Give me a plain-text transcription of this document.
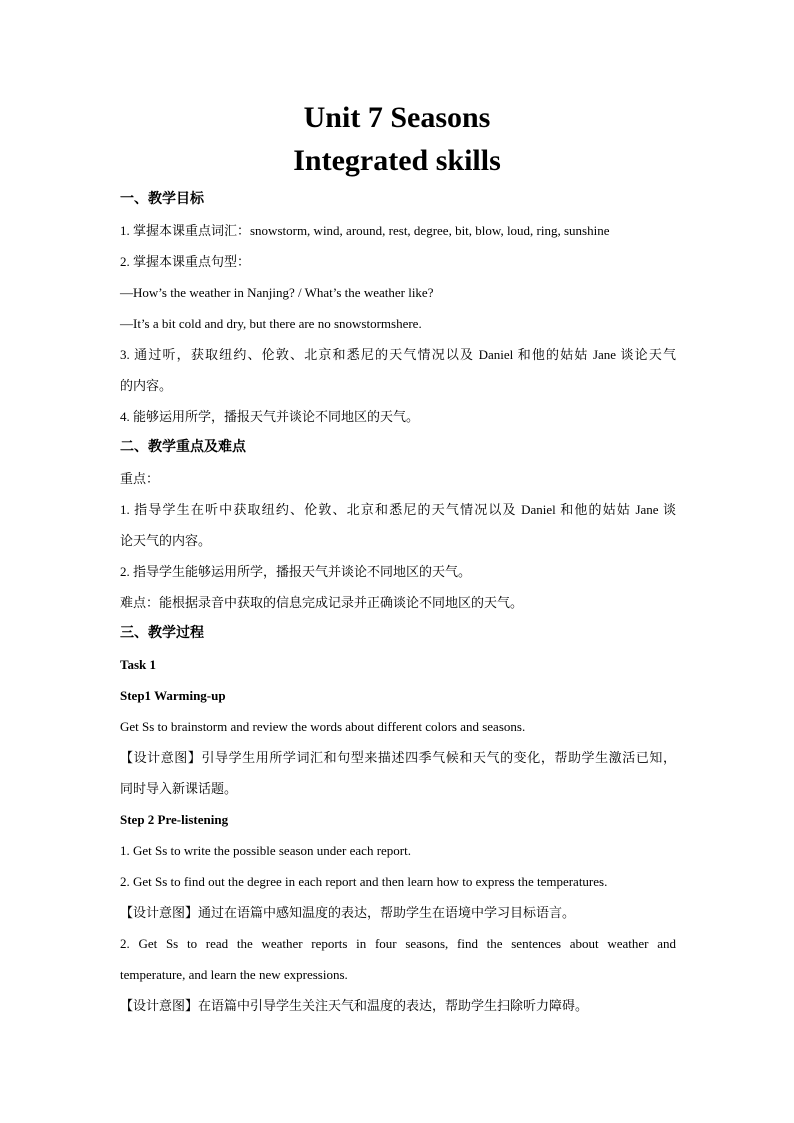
Unit 7 Seasons
Integrated skills

一、教学目标

1. 掌握本课重点词汇：snowstorm, wind, around, rest, degree, bit, blow, loud, ring, sunshine

2. 掌握本课重点句型：

—How’s the weather in Nanjing? / What’s the weather like?

—It’s a bit cold and dry, but there are no snowstormshere.

3. 通过听，获取纽约、伦敦、北京和悉尼的天气情况以及 Daniel 和他的姑姑 Jane 谈论天气

的内容。

4. 能够运用所学，播报天气并谈论不同地区的天气。

二、教学重点及难点

重点：

1. 指导学生在听中获取纽约、伦敦、北京和悉尼的天气情况以及 Daniel 和他的姑姑 Jane 谈

论天气的内容。

2. 指导学生能够运用所学，播报天气并谈论不同地区的天气。

难点：能根据录音中获取的信息完成记录并正确谈论不同地区的天气。

三、教学过程

Task 1

Step1 Warming-up

Get Ss to brainstorm and review the words about different colors and seasons.

【设计意图】引导学生用所学词汇和句型来描述四季气候和天气的变化，帮助学生激活已知，

同时导入新课话题。

Step 2 Pre-listening

1. Get Ss to write the possible season under each report.

2. Get Ss to find out the degree in each report and then learn how to express the temperatures.

【设计意图】通过在语篇中感知温度的表达，帮助学生在语境中学习目标语言。

2. Get Ss to read the weather reports in four seasons, find the sentences about weather and

temperature, and learn the new expressions.

【设计意图】在语篇中引导学生关注天气和温度的表达，帮助学生扫除听力障碍。
